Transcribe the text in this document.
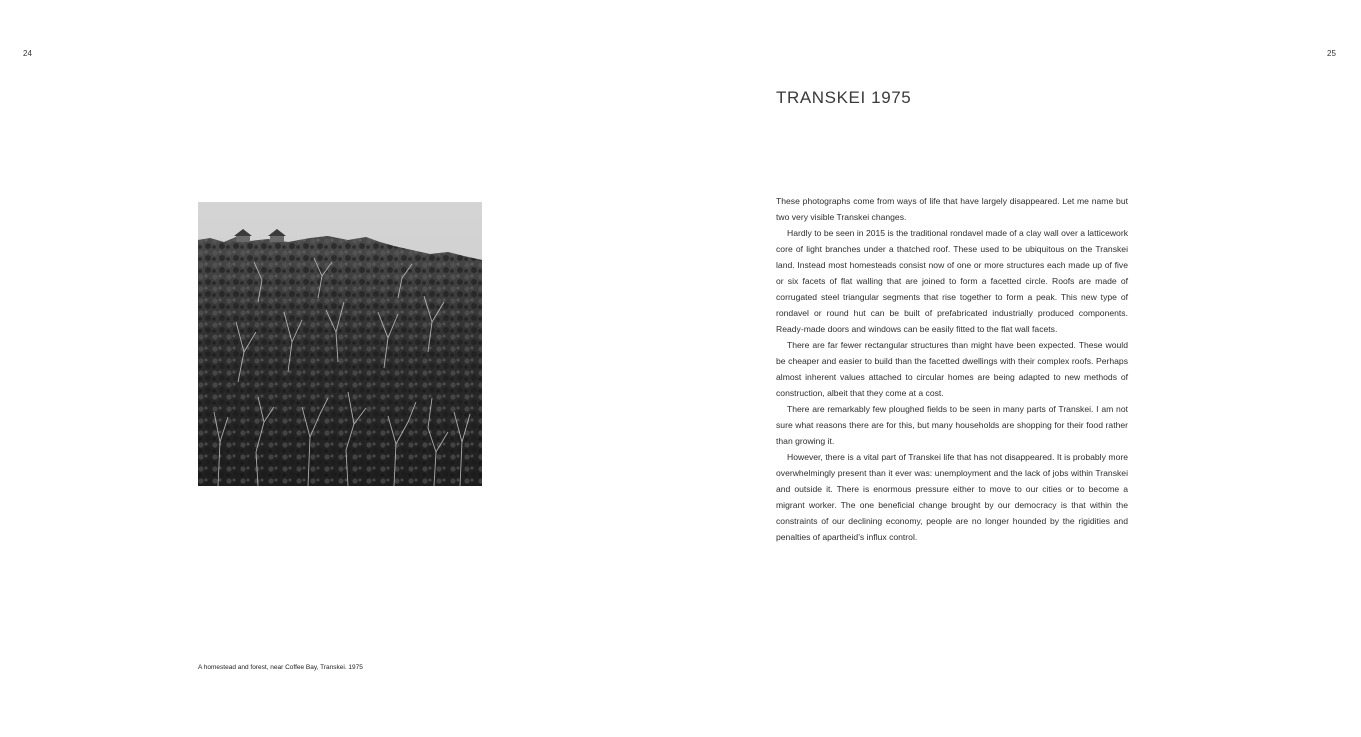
24	25
A homestead and forest, near Coffee Bay, Transkei. 1975
TRANSKEI 1975

These photographs come from ways of life that have largely disappeared. Let me name but two very visible Transkei changes.

Hardly to be seen in 2015 is the traditional rondavel made of a clay wall over a latticework core of light branches under a thatched roof. These used to be ubiquitous on the Transkei land. Instead most homesteads consist now of one or more structures each made up of five or six facets of flat walling that are joined to form a facetted circle. Roofs are made of corrugated steel triangular segments that rise together to form a peak. This new type of rondavel or round hut can be built of prefabricated industrially produced components. Ready-made doors and windows can be easily fitted to the flat wall facets.

There are far fewer rectangular structures than might have been expected. These would be cheaper and easier to build than the facetted dwellings with their complex roofs. Perhaps almost inherent values attached to circular homes are being adapted to new methods of construction, albeit that they come at a cost.

There are remarkably few ploughed fields to be seen in many parts of Transkei. I am not sure what reasons there are for this, but many households are shopping for their food rather than growing it.

However, there is a vital part of Transkei life that has not disappeared. It is probably more overwhelmingly present than it ever was: unemployment and the lack of jobs within Transkei and outside it. There is enormous pressure either to move to our cities or to become a migrant worker. The one beneficial change brought by our democracy is that within the constraints of our declining economy, people are no longer hounded by the rigidities and penalties of apartheid’s influx control.
